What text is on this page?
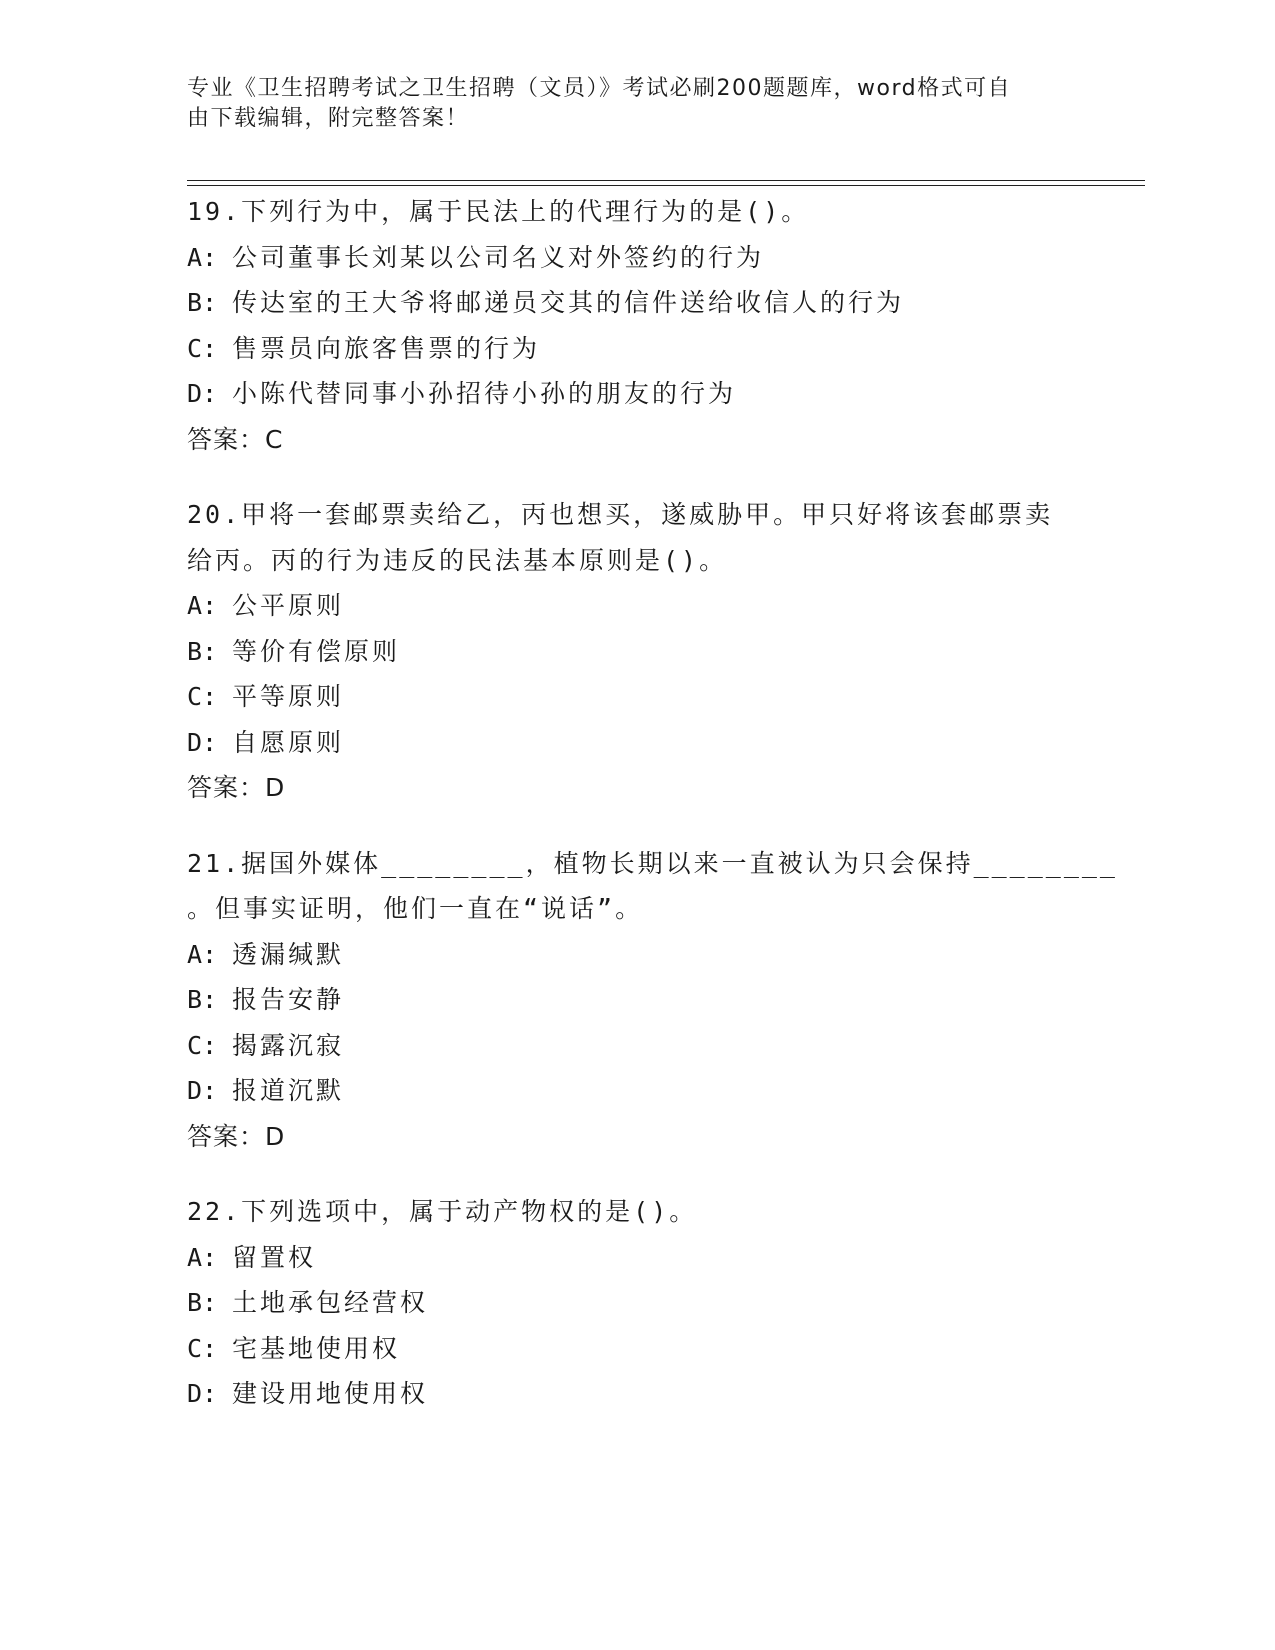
专业《卫生招聘考试之卫生招聘（文员）》考试必刷200题题库，word格式可自
由下载编辑，附完整答案！
19.下列行为中，属于民法上的代理行为的是()。
A: 公司董事长刘某以公司名义对外签约的行为
B: 传达室的王大爷将邮递员交其的信件送给收信人的行为
C: 售票员向旅客售票的行为
D: 小陈代替同事小孙招待小孙的朋友的行为
答案：C
20.甲将一套邮票卖给乙，丙也想买，遂威胁甲。甲只好将该套邮票卖
给丙。丙的行为违反的民法基本原则是()。
A: 公平原则
B: 等价有偿原则
C: 平等原则
D: 自愿原则
答案：D
21.据国外媒体________，植物长期以来一直被认为只会保持________
。但事实证明，他们一直在“说话”。
A: 透漏缄默
B: 报告安静
C: 揭露沉寂
D: 报道沉默
答案：D
22.下列选项中，属于动产物权的是()。
A: 留置权
B: 土地承包经营权
C: 宅基地使用权
D: 建设用地使用权
